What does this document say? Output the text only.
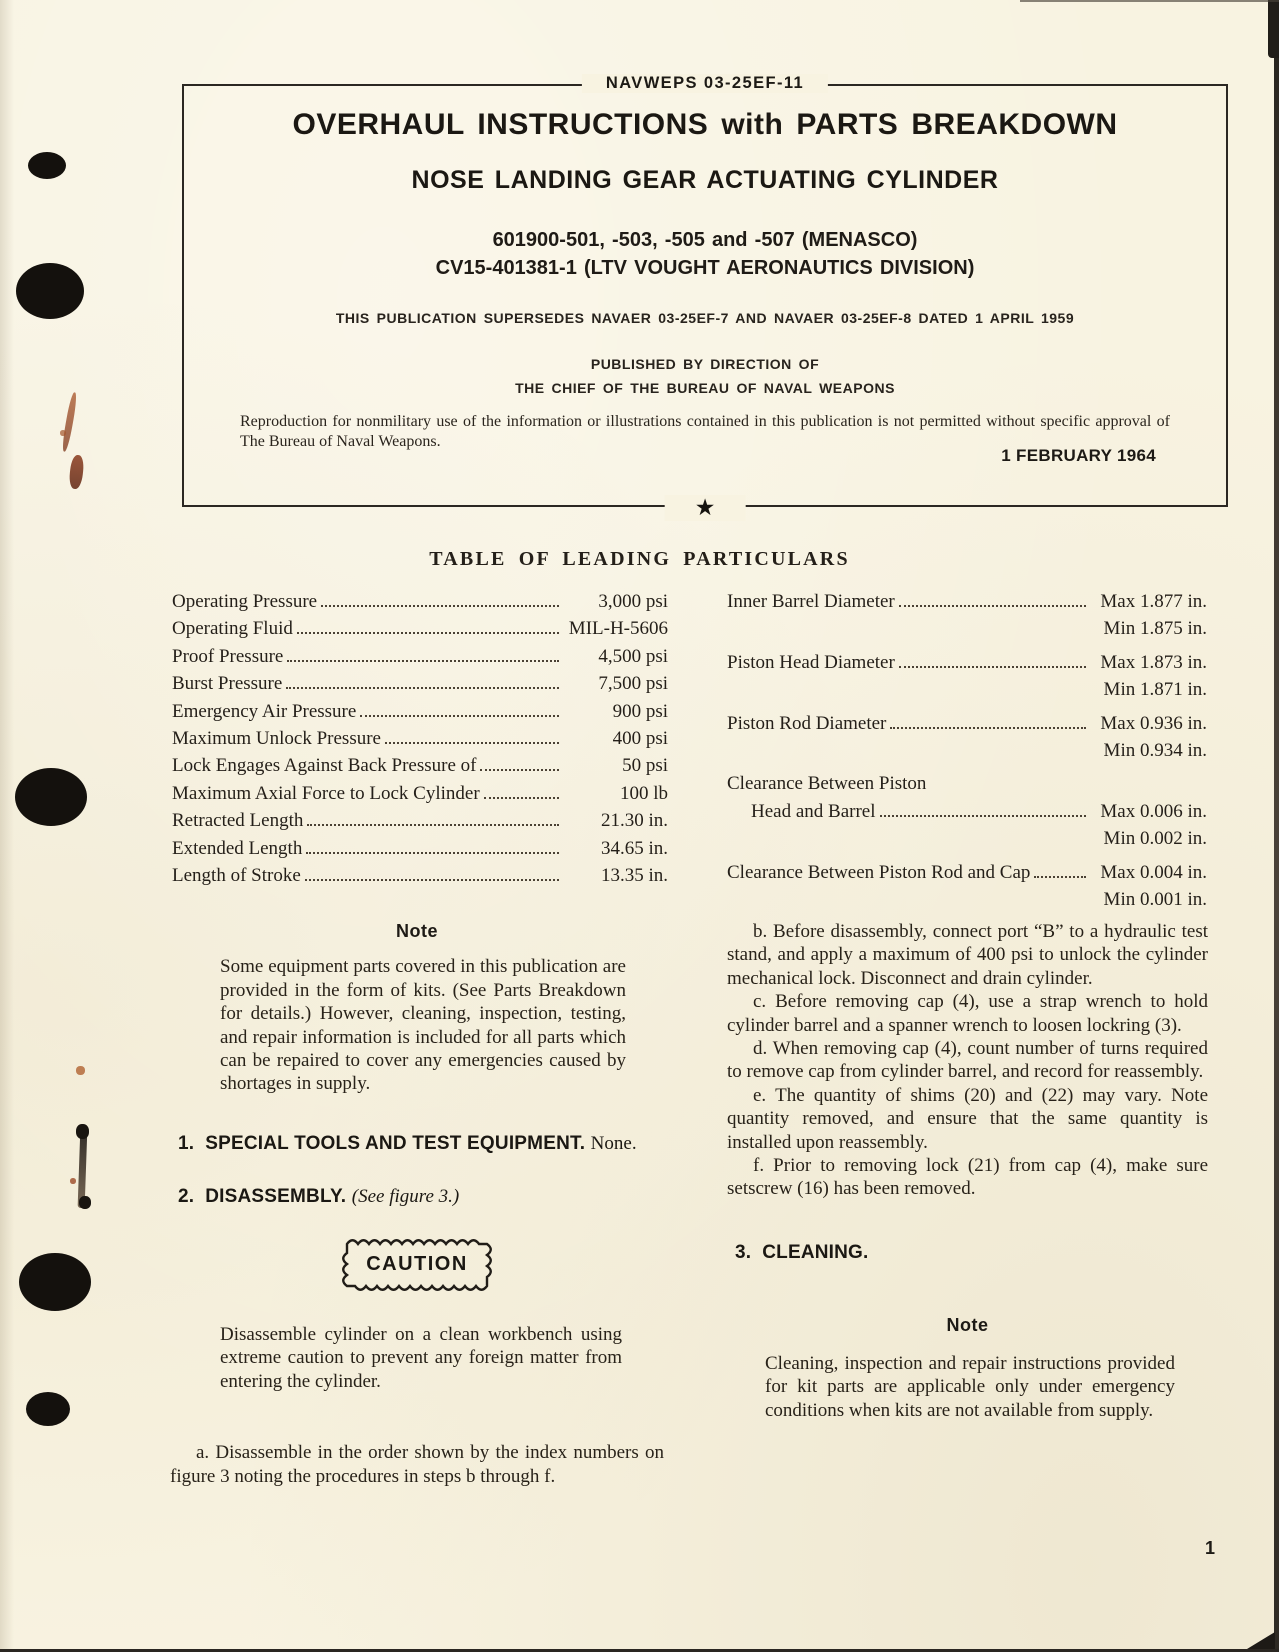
NAVWEPS 03-25EF-11
OVERHAUL INSTRUCTIONS with PARTS BREAKDOWN
NOSE LANDING GEAR ACTUATING CYLINDER
601900-501, -503, -505 and -507 (MENASCO)
CV15-401381-1 (LTV VOUGHT AERONAUTICS DIVISION)
THIS PUBLICATION SUPERSEDES NAVAER 03-25EF-7 AND NAVAER 03-25EF-8 DATED 1 APRIL 1959
PUBLISHED BY DIRECTION OF
THE CHIEF OF THE BUREAU OF NAVAL WEAPONS
Reproduction for nonmilitary use of the information or illustrations contained in this publication is not permitted without specific approval of The Bureau of Naval Weapons.
1 FEBRUARY 1964
★
TABLE OF LEADING PARTICULARS
Operating Pressure	3,000 psi
Operating Fluid	MIL-H-5606
Proof Pressure	4,500 psi
Burst Pressure	7,500 psi
Emergency Air Pressure	900 psi
Maximum Unlock Pressure	400 psi
Lock Engages Against Back Pressure of	50 psi
Maximum Axial Force to Lock Cylinder	100 lb
Retracted Length	21.30 in.
Extended Length	34.65 in.
Length of Stroke	13.35 in.
Inner Barrel Diameter	Max 1.877 in.
Min 1.875 in.
Piston Head Diameter	Max 1.873 in.
Min 1.871 in.
Piston Rod Diameter	Max 0.936 in.
Min 0.934 in.
Clearance Between Piston
Head and Barrel	Max 0.006 in.
Min 0.002 in.
Clearance Between Piston Rod and Cap	Max 0.004 in.
Min 0.001 in.
Note
Some equipment parts covered in this publication are provided in the form of kits. (See Parts Breakdown for details.) However, cleaning, inspection, testing, and repair information is included for all parts which can be repaired to cover any emergencies caused by shortages in supply.
1. SPECIAL TOOLS AND TEST EQUIPMENT. None.
2. DISASSEMBLY. (See figure 3.)
CAUTION
Disassemble cylinder on a clean workbench using extreme caution to prevent any foreign matter from entering the cylinder.

a. Disassemble in the order shown by the index numbers on figure 3 noting the procedures in steps b through f.

b. Before disassembly, connect port “B” to a hydraulic test stand, and apply a maximum of 400 psi to unlock the cylinder mechanical lock. Disconnect and drain cylinder.

c. Before removing cap (4), use a strap wrench to hold cylinder barrel and a spanner wrench to loosen lockring (3).

d. When removing cap (4), count number of turns required to remove cap from cylinder barrel, and record for reassembly.

e. The quantity of shims (20) and (22) may vary. Note quantity removed, and ensure that the same quantity is installed upon reassembly.

f. Prior to removing lock (21) from cap (4), make sure setscrew (16) has been removed.

3. CLEANING.
Note
Cleaning, inspection and repair instructions provided for kit parts are applicable only under emergency conditions when kits are not available from supply.
1
